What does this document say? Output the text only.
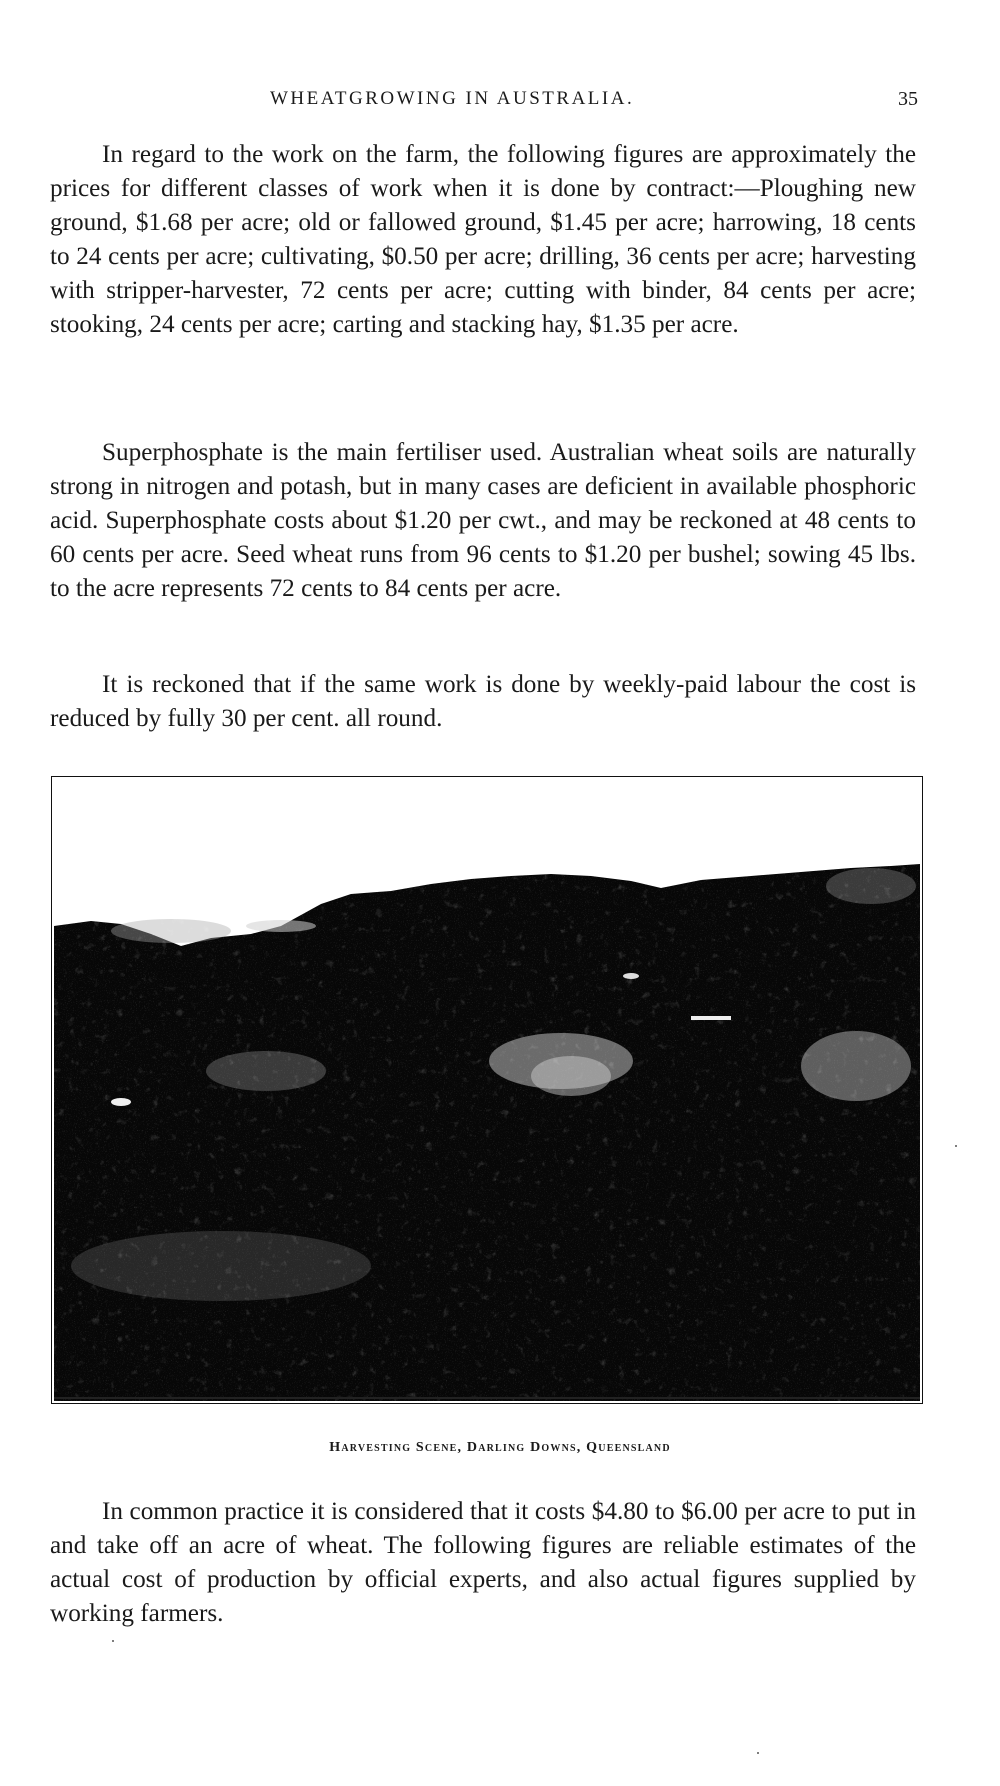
WHEATGROWING IN AUSTRALIA.	35

In regard to the work on the farm, the following figures are approximately the prices for different classes of work when it is done by contract:—Ploughing new ground, $1.68 per acre; old or fallowed ground, $1.45 per acre; harrowing, 18 cents to 24 cents per acre; cultivating, $0.50 per acre; drilling, 36 cents per acre; harvesting with stripper-harvester, 72 cents per acre; cutting with binder, 84 cents per acre; stooking, 24 cents per acre; carting and stacking hay, $1.35 per acre.

Superphosphate is the main fertiliser used. Australian wheat soils are naturally strong in nitrogen and potash, but in many cases are deficient in available phosphoric acid. Superphosphate costs about $1.20 per cwt., and may be reckoned at 48 cents to 60 cents per acre. Seed wheat runs from 96 cents to $1.20 per bushel; sowing 45 lbs. to the acre represents 72 cents to 84 cents per acre.

It is reckoned that if the same work is done by weekly-paid labour the cost is reduced by fully 30 per cent. all round.

Harvesting Scene, Darling Downs, Queensland

In common practice it is considered that it costs $4.80 to $6.00 per acre to put in and take off an acre of wheat. The following figures are reliable estimates of the actual cost of production by official experts, and also actual figures supplied by working farmers.
